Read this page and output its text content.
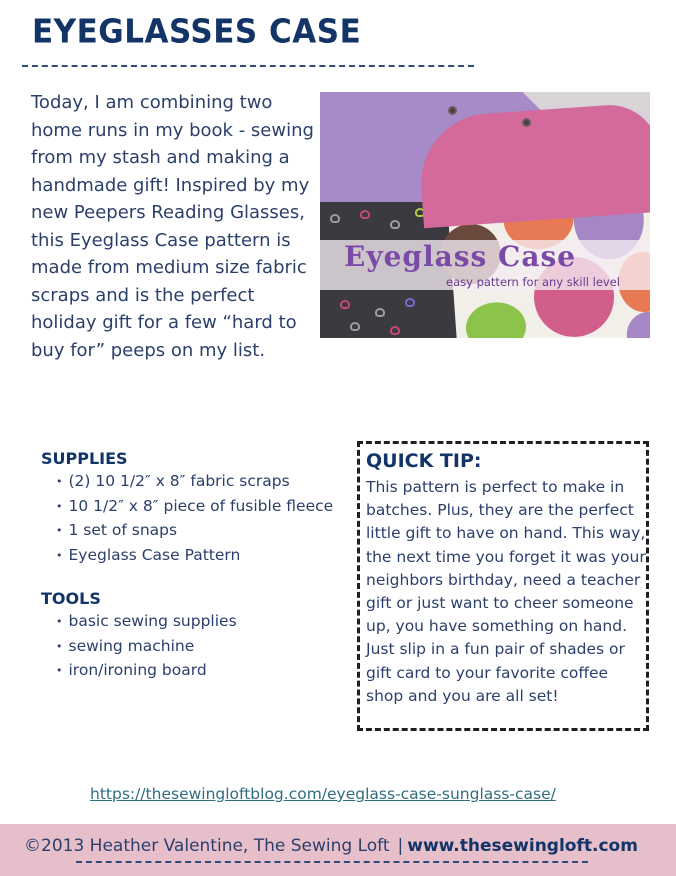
EYEGLASSES CASE

Today, I am combining two home runs in my book - sewing from my stash and making a handmade gift! Inspired by my new Peepers Reading Glasses, this Eyeglass Case pattern is made from medium size fabric scraps and is the perfect holiday gift for a few “hard to buy for” peeps on my list.

Eyeglass Case
easy pattern for any skill level
SUPPLIES
• (2) 10 1/2″ x 8″ fabric scraps
• 10 1/2″ x 8″ piece of fusible fleece
• 1 set of snaps
• Eyeglass Case Pattern
TOOLS
• basic sewing supplies
• sewing machine
• iron/ironing board
QUICK TIP:

This pattern is perfect to make in batches. Plus, they are the perfect little gift to have on hand. This way, the next time you forget it was your neighbors birthday, need a teacher gift or just want to cheer someone up, you have something on hand. Just slip in a fun pair of shades or gift card to your favorite coffee shop and you are all set!

https://thesewingloftblog.com/eyeglass-case-sunglass-case/
©2013 Heather Valentine, The Sewing Loft | www.thesewingloft.com
